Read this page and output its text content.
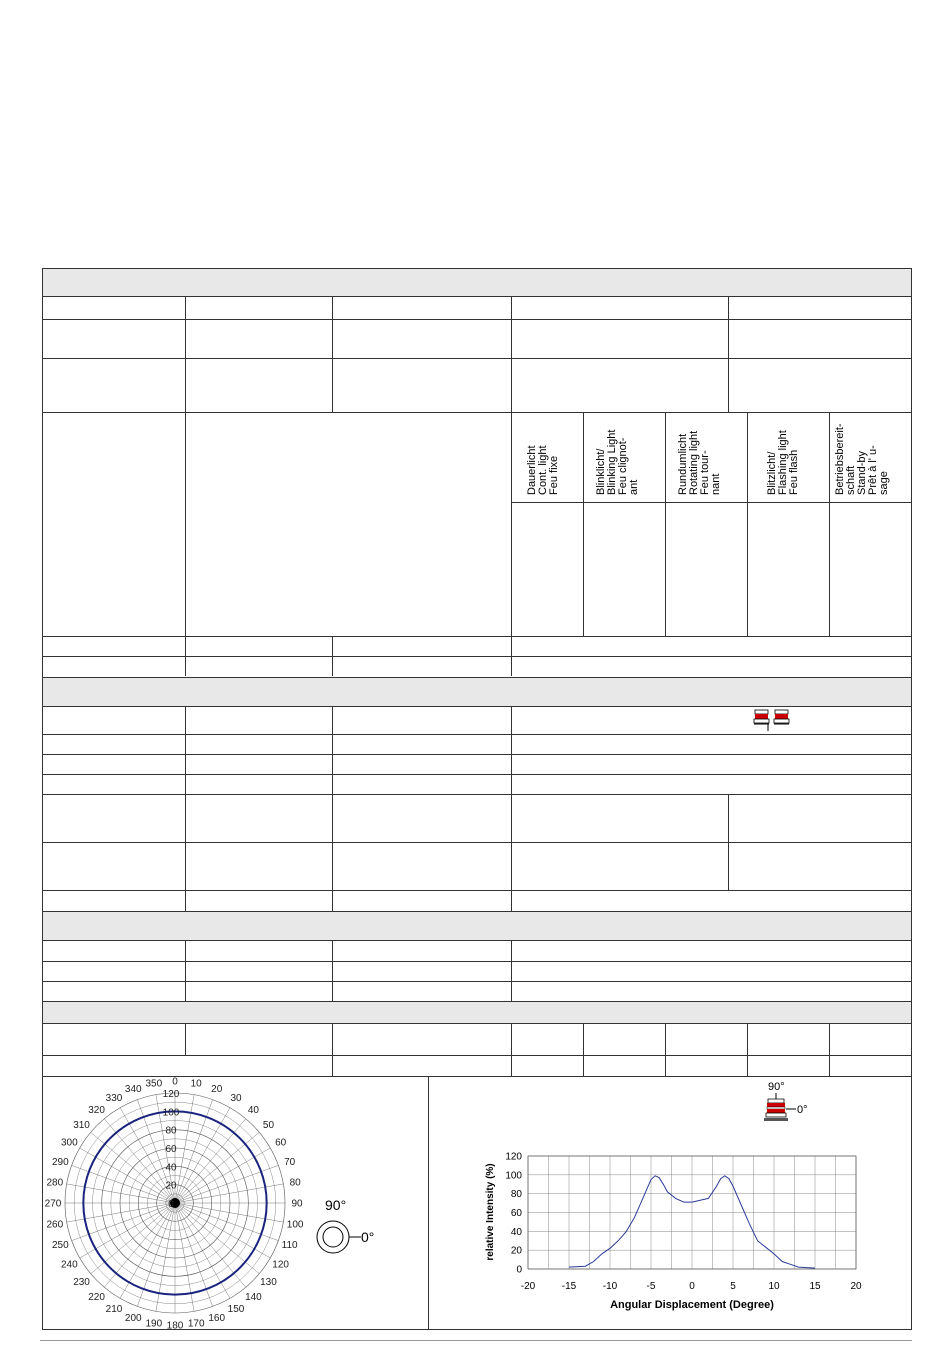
Dauerlicht
Cont. light
Feu fixe	Blinklicht/
Blinking Light
Feu clignot-
ant	Rundumlicht
Rotating light
Feu tour-
nant	Blitzlicht/
Flashing light
Feu flash	Betriebsbereit-
schaft
Stand-by
Prêt à l' u-
sage
0 10
20
30
40
50
60
70
80
90
100
110
120
130
140
150
160
170
180
190
200
210
220
230
240
250
260
270
280
290
300
310
320
330
340
350
0
20
40
60
80
100
120
90°
0°
90°
0°
-20	-15	-10	-5	0	5	10	15	20
0
20
40
60
80
100
120
Angular Displacement (Degree)
relative Intensity (%)
